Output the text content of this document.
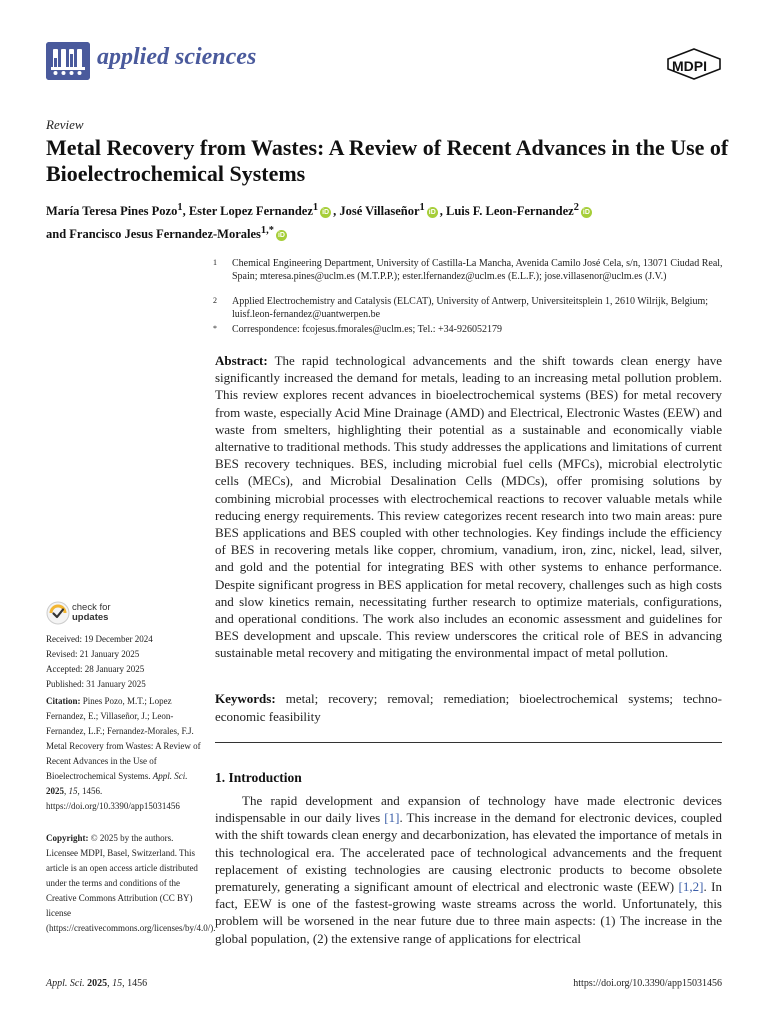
applied sciences	MDPI
Review
Metal Recovery from Wastes: A Review of Recent Advances in the Use of Bioelectrochemical Systems
María Teresa Pines Pozo$^1$, Ester Lopez Fernandez$^1$ iD , José Villaseñor$^1$ iD , Luis F. Leon-Fernandez$^2$ iD
and Francisco Jesus Fernandez-Morales$^{1,*}$ iD
1 Chemical Engineering Department, University of Castilla-La Mancha, Avenida Camilo José Cela, s/n, 13071 Ciudad Real, Spain; mteresa.pines@uclm.es (M.T.P.P.); ester.lfernandez@uclm.es (E.L.F.); jose.villasenor@uclm.es (J.V.)
2 Applied Electrochemistry and Catalysis (ELCAT), University of Antwerp, Universiteitsplein 1, 2610 Wilrijk, Belgium; luisf.leon-fernandez@uantwerpen.be
* Correspondence: fcojesus.fmorales@uclm.es; Tel.: +34-926052179
Abstract: The rapid technological advancements and the shift towards clean energy have significantly increased the demand for metals, leading to an increasing metal pollution problem. This review explores recent advances in bioelectrochemical systems (BES) for metal recovery from waste, especially Acid Mine Drainage (AMD) and Electrical, Electronic Wastes (EEW) and waste from smelters, highlighting their potential as a sustainable and economically viable alternative to traditional methods. This study addresses the applications and limitations of current BES recovery techniques. BES, including microbial fuel cells (MFCs), microbial electrolytic cells (MECs), and Microbial Desalination Cells (MDCs), offer promising solutions by combining microbial processes with electrochemical reactions to recover valuable metals while reducing energy requirements. This review categorizes recent research into two main areas: pure BES applications and BES coupled with other technologies. Key findings include the efficiency of BES in recovering metals like copper, chromium, vanadium, iron, zinc, nickel, lead, silver, and gold and the potential for integrating BES with other systems to enhance performance. Despite significant progress in BES application for metal recovery, challenges such as high costs and slow kinetics remain, necessitating further research to optimize materials, configurations, and operational conditions. The work also includes an economic assessment and guidelines for BES development and upscale. This review underscores the critical role of BES in advancing sustainable metal recovery and mitigating the environmental impact of metal pollution.
Keywords: metal; recovery; removal; remediation; bioelectrochemical systems; techno-economic feasibility
1. Introduction
The rapid development and expansion of technology have made electronic devices indispensable in our daily lives [1]. This increase in the demand for electronic devices, coupled with the shift towards clean energy and decarbonization, has elevated the importance of metals in this technological era. The accelerated pace of technological advancements and the frequent replacement of existing technologies are causing electronic products to become obsolete prematurely, generating a significant amount of electrical and electronic waste (EEW) [1,2]. In fact, EEW is one of the fastest-growing waste streams across the world. Unfortunately, this problem will be worsened in the near future due to three main aspects: (1) The increase in the global population, (2) the extensive range of applications for electrical
check for
updates
Received: 19 December 2024
Revised: 21 January 2025
Accepted: 28 January 2025
Published: 31 January 2025
Citation: Pines Pozo, M.T.; Lopez Fernandez, E.; Villaseñor, J.; Leon-Fernandez, L.F.; Fernandez-Morales, F.J. Metal Recovery from Wastes: A Review of Recent Advances in the Use of Bioelectrochemical Systems. Appl. Sci. 2025, 15, 1456. https://doi.org/10.3390/app15031456
Copyright: © 2025 by the authors. Licensee MDPI, Basel, Switzerland. This article is an open access article distributed under the terms and conditions of the Creative Commons Attribution (CC BY) license (https://creativecommons.org/licenses/by/4.0/).
Appl. Sci. 2025, 15, 1456	https://doi.org/10.3390/app15031456
